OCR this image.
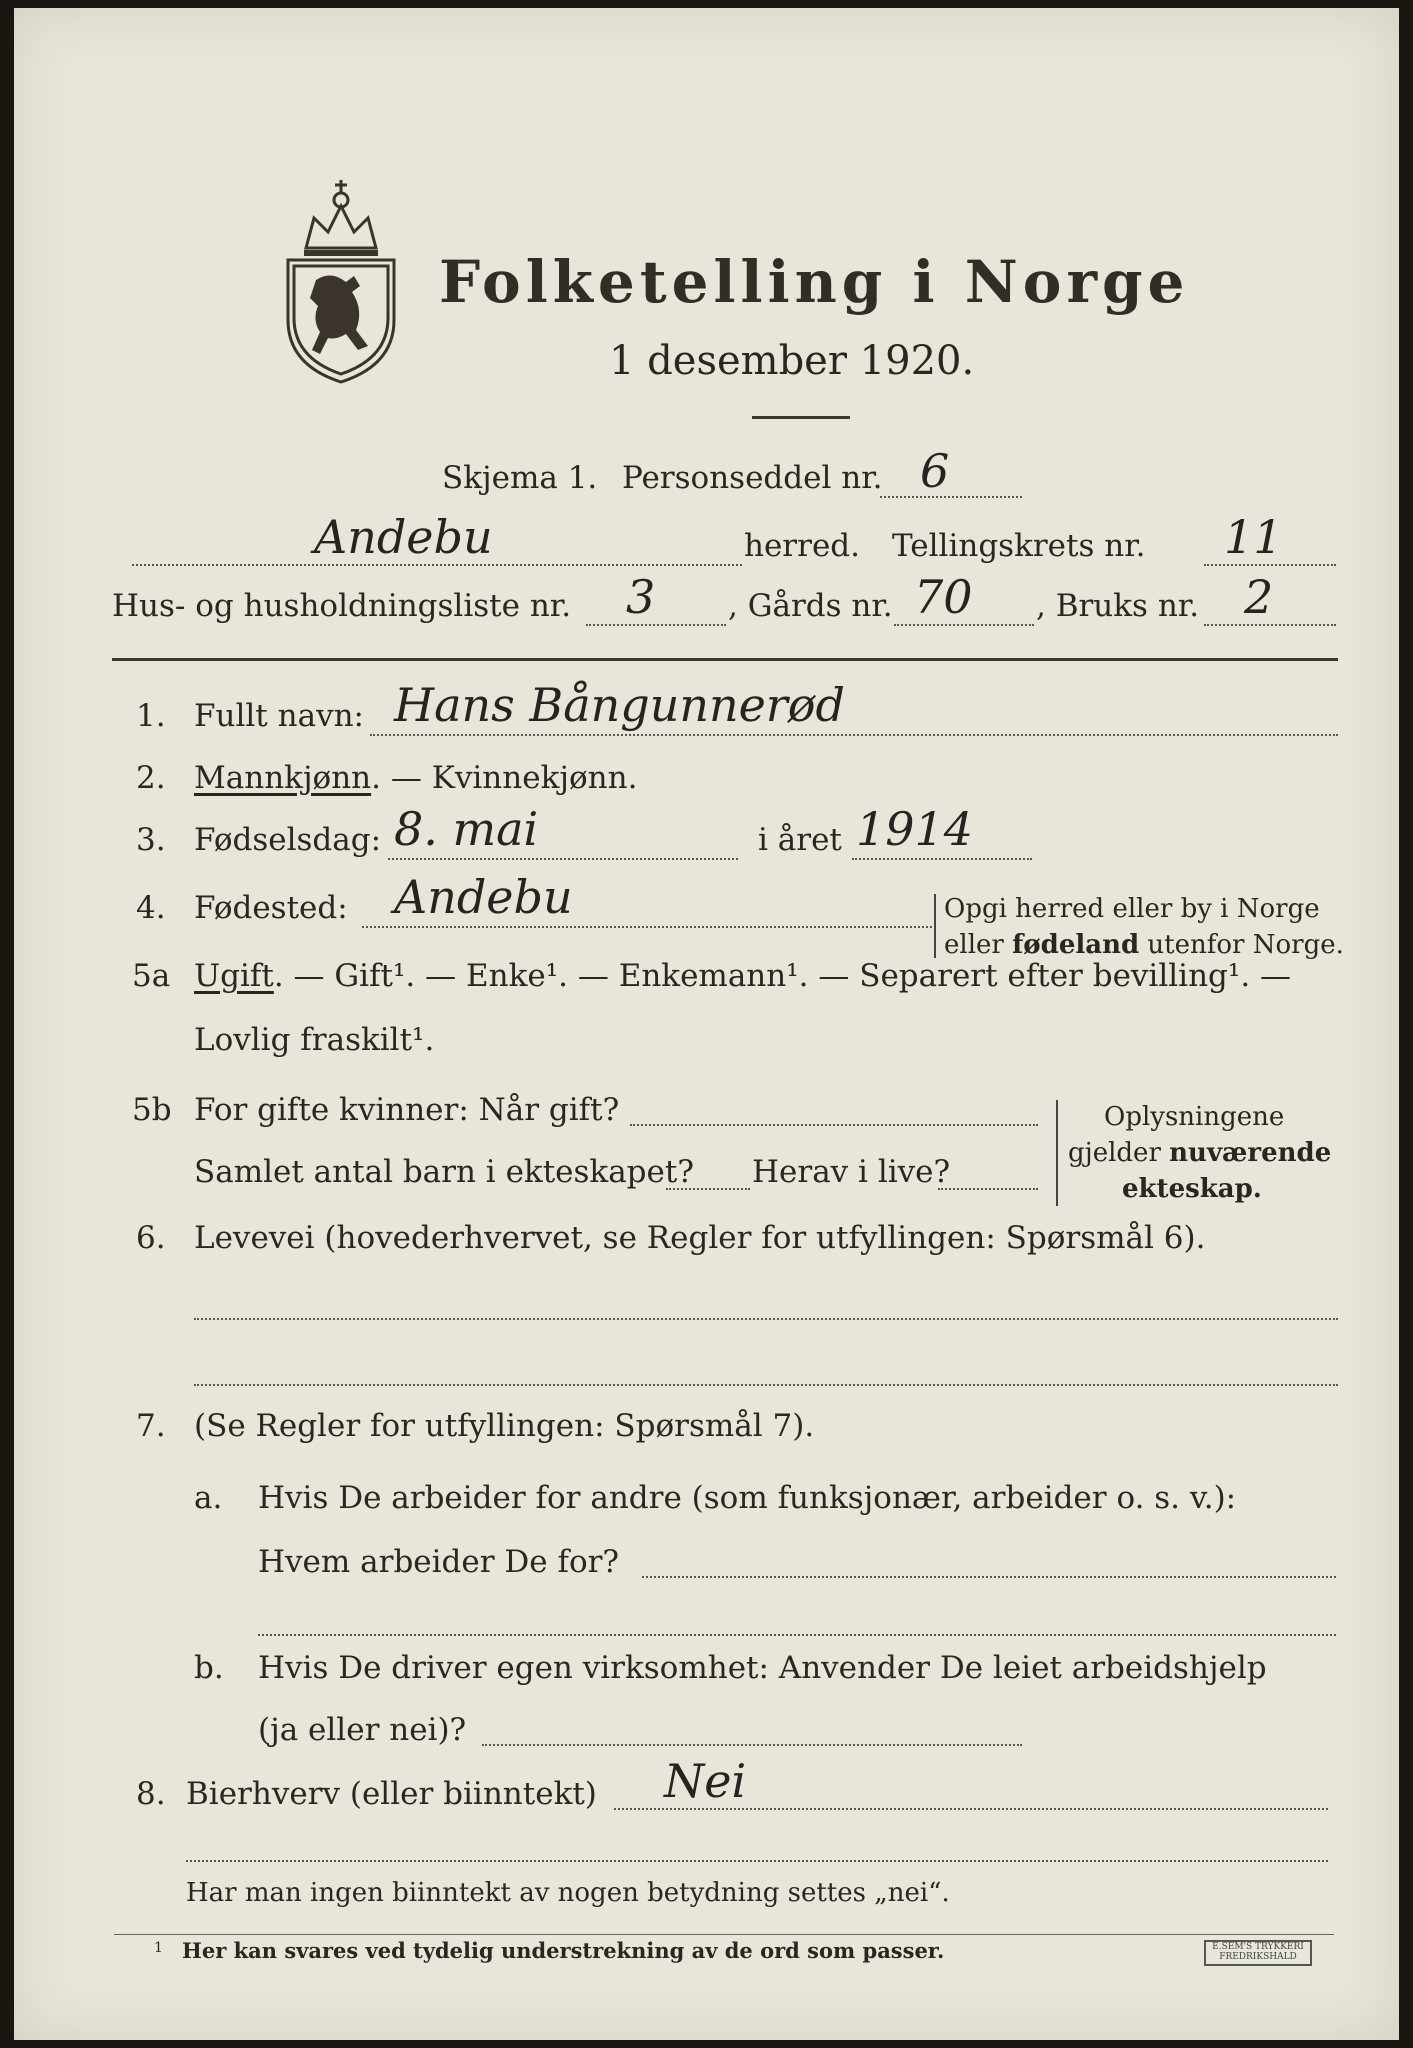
Folketelling i Norge
1 desember 1920.
Skjema 1. Personseddel nr. 6
Andebu	herred. Tellingskrets nr. 11
Hus- og husholdningsliste nr. 3 , Gårds nr. 70 , Bruks nr. 2
1. Fullt navn: Hans Bångunnerød
2. Mannkjønn. — Kvinnekjønn.
3. Fødselsdag: 8. mai	i året 1914
4. Fødested: Andebu	Opgi herred eller by i Norge
eller fødeland utenfor Norge.
5a Ugift. — Gift¹. — Enke¹. — Enkemann¹. — Separert efter bevilling¹. —
Lovlig fraskilt¹.
5b For gifte kvinner: Når gift?
Samlet antal barn i ekteskapet? Herav i live?
Oplysningene
gjelder nuværende
ekteskap.
6. Levevei (hovederhvervet, se Regler for utfyllingen: Spørsmål 6).
7. (Se Regler for utfyllingen: Spørsmål 7).
a. Hvis De arbeider for andre (som funksjonær, arbeider o. s. v.):
Hvem arbeider De for?
b. Hvis De driver egen virksomhet: Anvender De leiet arbeidshjelp
(ja eller nei)?
8. Bierhverv (eller biinntekt) Nei
Har man ingen biinntekt av nogen betydning settes „nei“.
1 Her kan svares ved tydelig understrekning av de ord som passer.	E.SEM'S TRYKKERI FREDRIKSHALD
